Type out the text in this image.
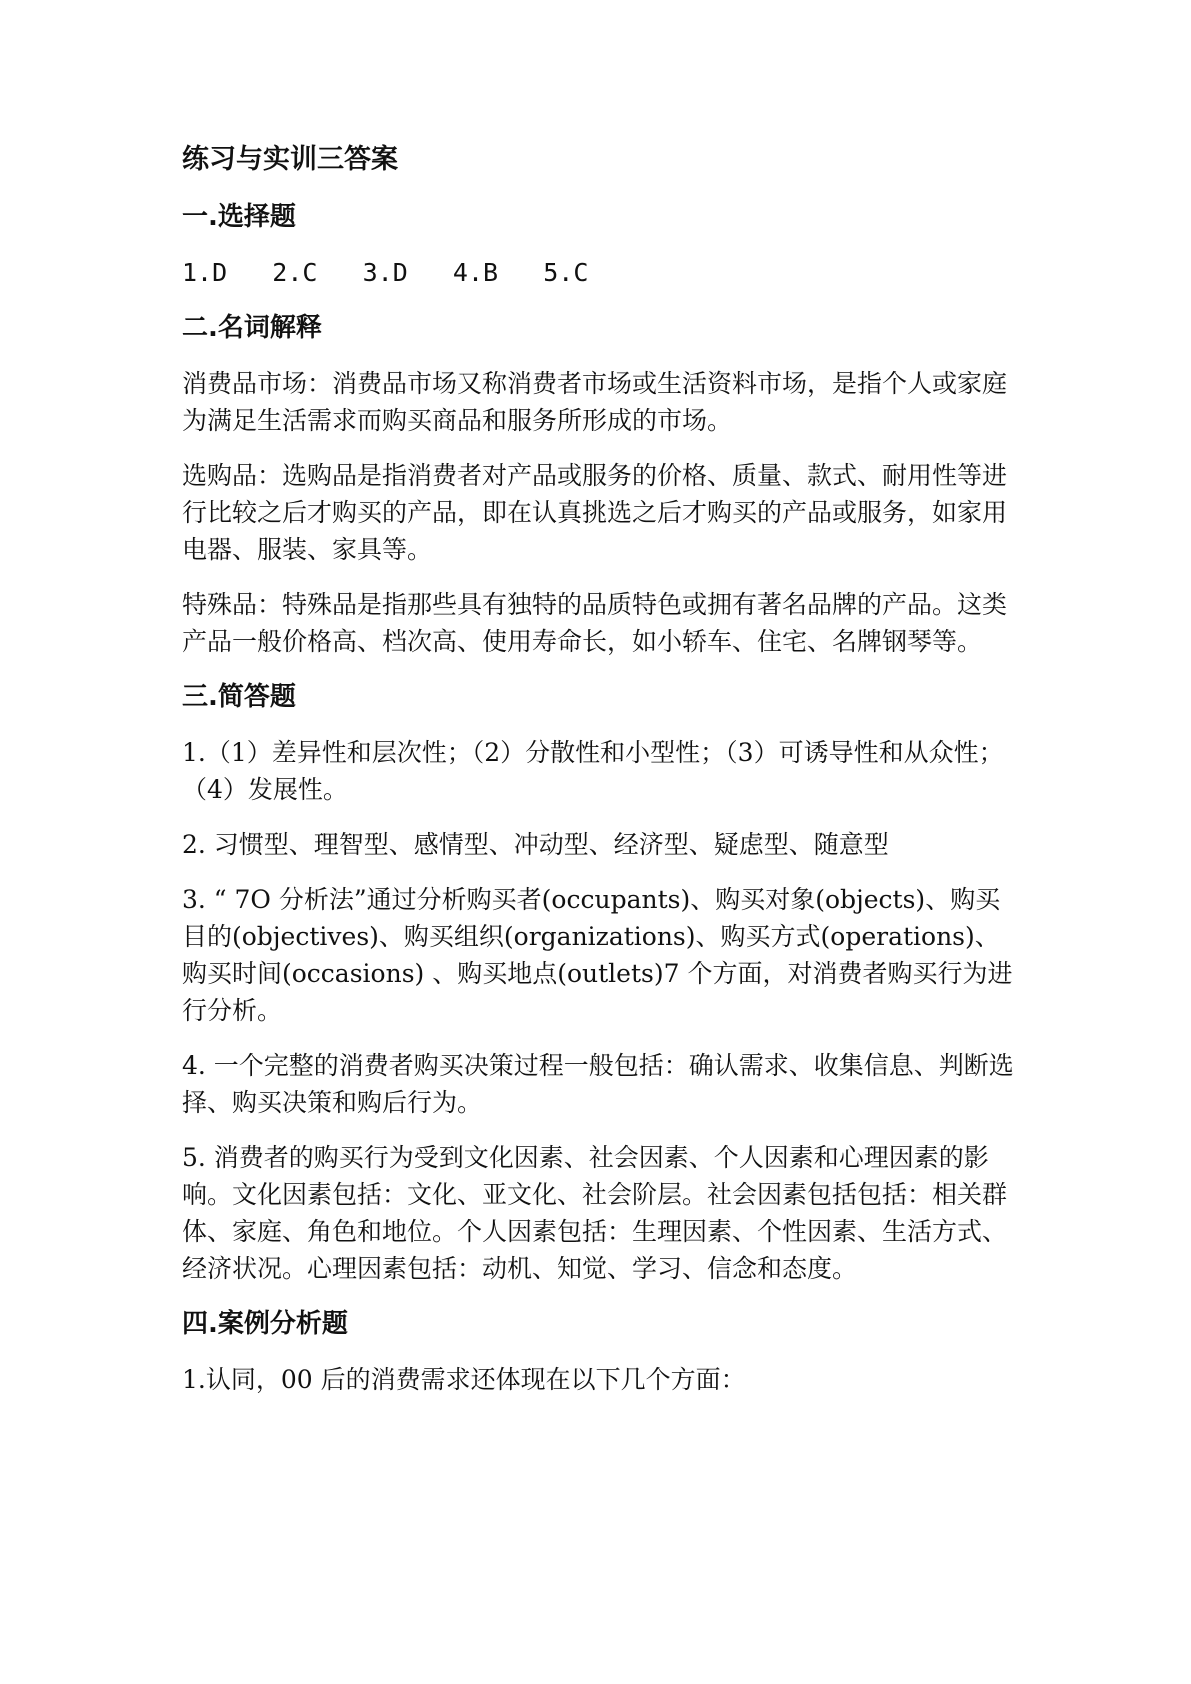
练习与实训三答案
一.选择题
1.D   2.C   3.D   4.B   5.C
二.名词解释
消费品市场：消费品市场又称消费者市场或生活资料市场，是指个人或家庭为满足生活需求而购买商品和服务所形成的市场。
选购品：选购品是指消费者对产品或服务的价格、质量、款式、耐用性等进行比较之后才购买的产品，即在认真挑选之后才购买的产品或服务，如家用电器、服装、家具等。
特殊品：特殊品是指那些具有独特的品质特色或拥有著名品牌的产品。这类产品一般价格高、档次高、使用寿命长，如小轿车、住宅、名牌钢琴等。
三.简答题
1.（1）差异性和层次性；（2）分散性和小型性；（3）可诱导性和从众性；（4）发展性。
2. 习惯型、理智型、感情型、冲动型、经济型、疑虑型、随意型
3. “ 7O 分析法”通过分析购买者(occupants)、购买对象(objects)、购买目的(objectives)、购买组织(organizations)、购买方式(operations)、购买时间(occasions) 、购买地点(outlets)7 个方面，对消费者购买行为进行分析。
4. 一个完整的消费者购买决策过程一般包括：确认需求、收集信息、判断选择、购买决策和购后行为。
5. 消费者的购买行为受到文化因素、社会因素、个人因素和心理因素的影响。文化因素包括：文化、亚文化、社会阶层。社会因素包括包括：相关群体、家庭、角色和地位。个人因素包括：生理因素、个性因素、生活方式、经济状况。心理因素包括：动机、知觉、学习、信念和态度。
四.案例分析题
1.认同，00 后的消费需求还体现在以下几个方面：
